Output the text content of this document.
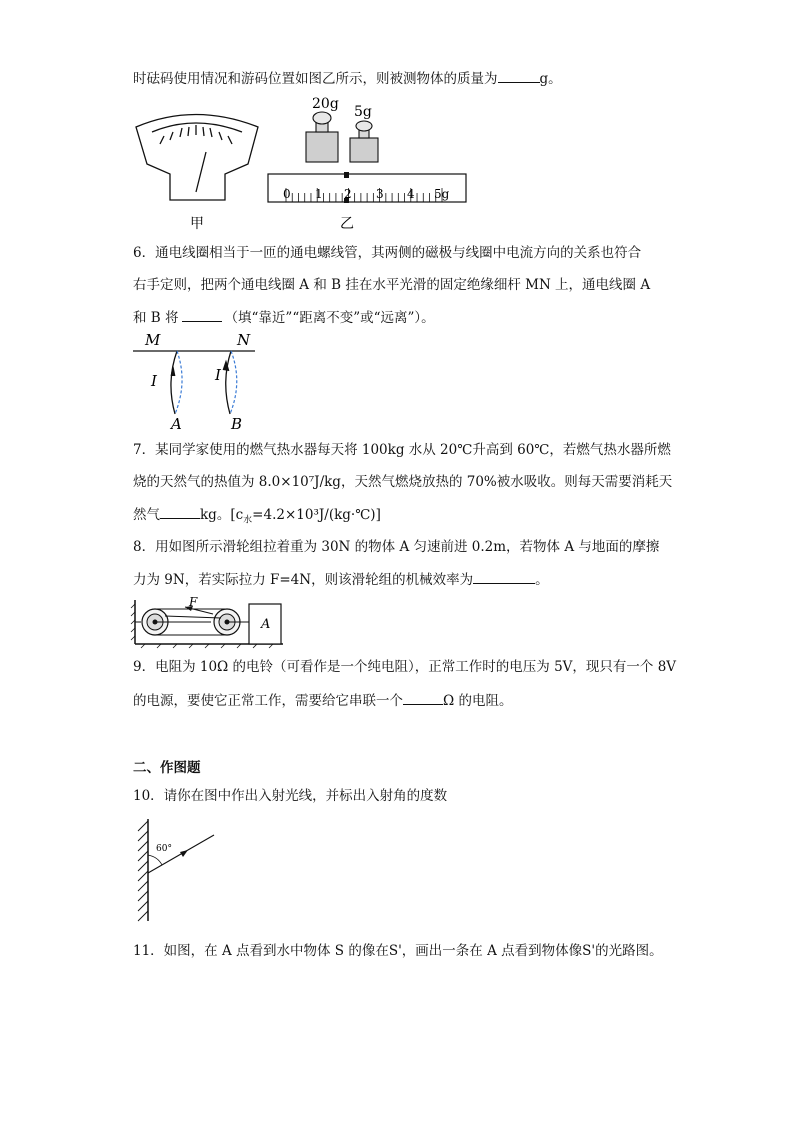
时砝码使用情况和游码位置如图乙所示，则被测物体的质量为	g。
甲
20g 5g
0 1 2 3 4 5g
乙
6．通电线圈相当于一匝的通电螺线管，其两侧的磁极与线圈中电流方向的关系也符合
右手定则，把两个通电线圈 A 和 B 挂在水平光滑的固定绝缘细杆 MN 上，通电线圈 A
和 B 将	（填“靠近”“距离不变”或“远离”）。
M	N
I
A
I
B
7．某同学家使用的燃气热水器每天将 100kg 水从 20℃升高到 60℃，若燃气热水器所燃
烧的天然气的热值为 8.0×10⁷J/kg，天然气燃烧放热的 70%被水吸收。则每天需要消耗天
然气	kg。$[c_水=4.2\times 10^3J/(kg\cdot℃)]$
8．用如图所示滑轮组拉着重为 30N 的物体 A 匀速前进 0.2m，若物体 A 与地面的摩擦
力为 9N，若实际拉力 F=4N，则该滑轮组的机械效率为	。
F
A
9．电阻为 10Ω 的电铃（可看作是一个纯电阻），正常工作时的电压为 5V，现只有一个 8V
的电源，要使它正常工作，需要给它串联一个	Ω 的电阻。
二、作图题
10．请你在图中作出入射光线，并标出入射角的度数
60°
11．如图，在 A 点看到水中物体 S 的像在S'，画出一条在 A 点看到物体像S'的光路图。
